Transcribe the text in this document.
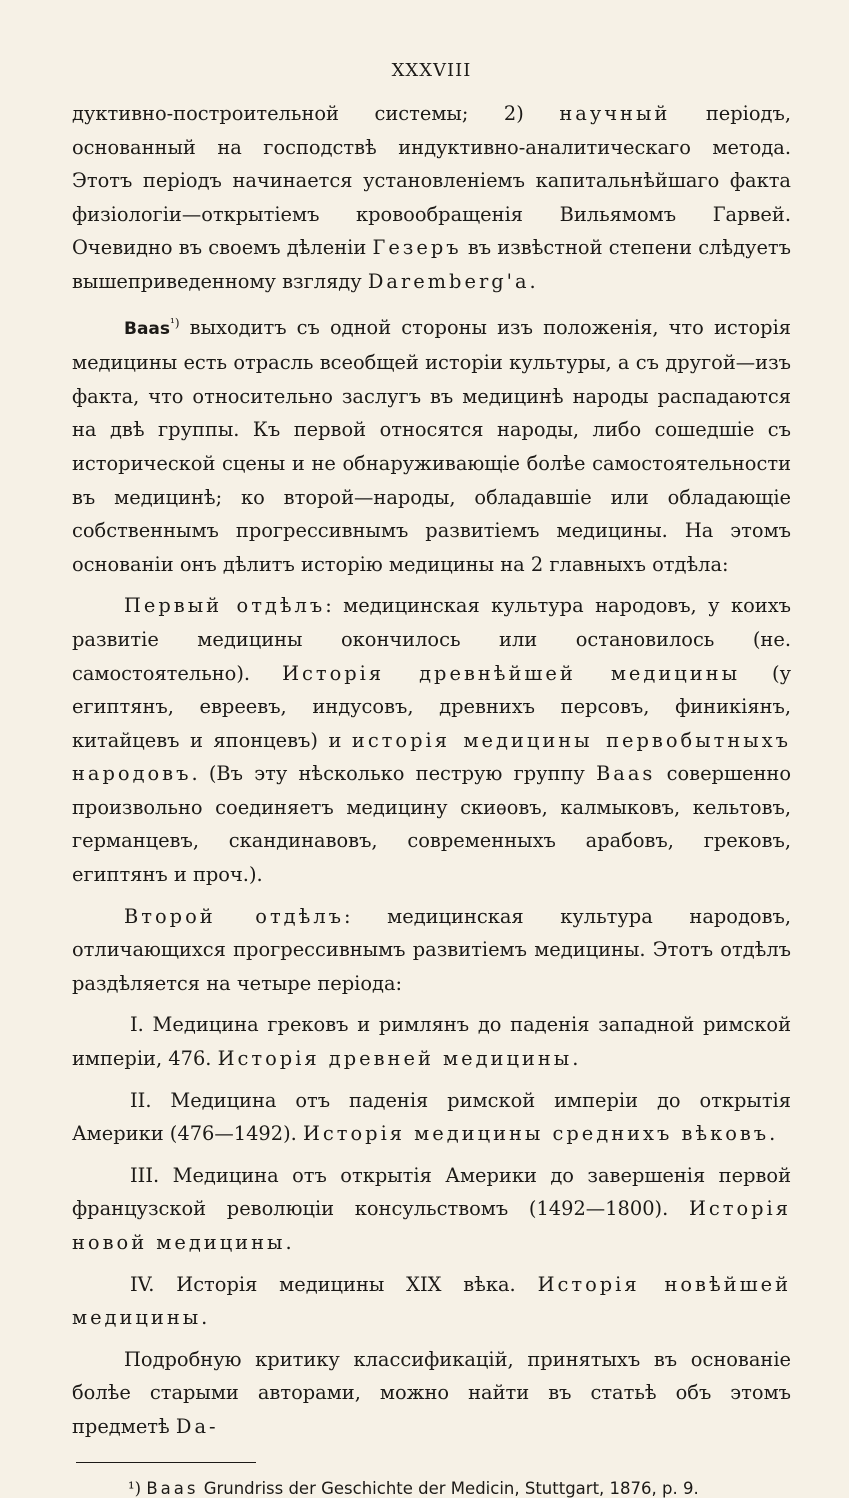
XXXVIII

дуктивно-построительной системы; 2) научный періодъ, основанный на господствѣ индуктивно-аналитическаго метода. Этотъ періодъ начинается установленіемъ капитальнѣйшаго факта физіологіи—открытіемъ кровообращенія Вильямомъ Гарвей. Очевидно въ своемъ дѣленіи Гезеръ въ извѣстной степени слѣдуетъ вышеприведенному взгляду Daremberg'a.

Baas$^{^1)}$ выходитъ съ одной стороны изъ положенія, что исторія медицины есть отрасль всеобщей исторіи культуры, а съ другой—изъ факта, что относительно заслугъ въ медицинѣ народы распадаются на двѣ группы. Къ первой относятся народы, либо сошедшіе съ исторической сцены и не обнаруживающіе болѣе самостоятельности въ медицинѣ; ко второй—народы, обладавшіе или обладающіе собственнымъ прогрессивнымъ развитіемъ медицины. На этомъ основаніи онъ дѣлитъ исторію медицины на 2 главныхъ отдѣла:

Первый отдѣлъ: медицинская культура народовъ, у коихъ развитіе медицины окончилось или остановилось (не. самостоятельно). Исторія древнѣйшей медицины (у египтянъ, евреевъ, индусовъ, древнихъ персовъ, финикіянъ, китайцевъ и японцевъ) и исторія медицины первобытныхъ народовъ. (Въ эту нѣсколько пеструю группу Baas совершенно произвольно соединяетъ медицину скиѳовъ, калмыковъ, кельтовъ, германцевъ, скандинавовъ, современныхъ арабовъ, грековъ, египтянъ и проч.).

Второй отдѣлъ: медицинская культура народовъ, отличающихся прогрессивнымъ развитіемъ медицины. Этотъ отдѣлъ раздѣляется на четыре періода:

I. Медицина грековъ и римлянъ до паденія западной римской имперіи, 476. Исторія древней медицины.

II. Медицина отъ паденія римской имперіи до открытія Америки (476—1492). Исторія медицины среднихъ вѣковъ.

III. Медицина отъ открытія Америки до завершенія первой французской революціи консульствомъ (1492—1800). Исторія новой медицины.

IV. Исторія медицины XIX вѣка. Исторія новѣйшей медицины.

Подробную критику классификацій, принятыхъ въ основаніе болѣе старыми авторами, можно найти въ статьѣ объ этомъ предметѣ Da-

¹) Baas Grundriss der Geschichte der Medicin, Stuttgart, 1876, p. 9.
